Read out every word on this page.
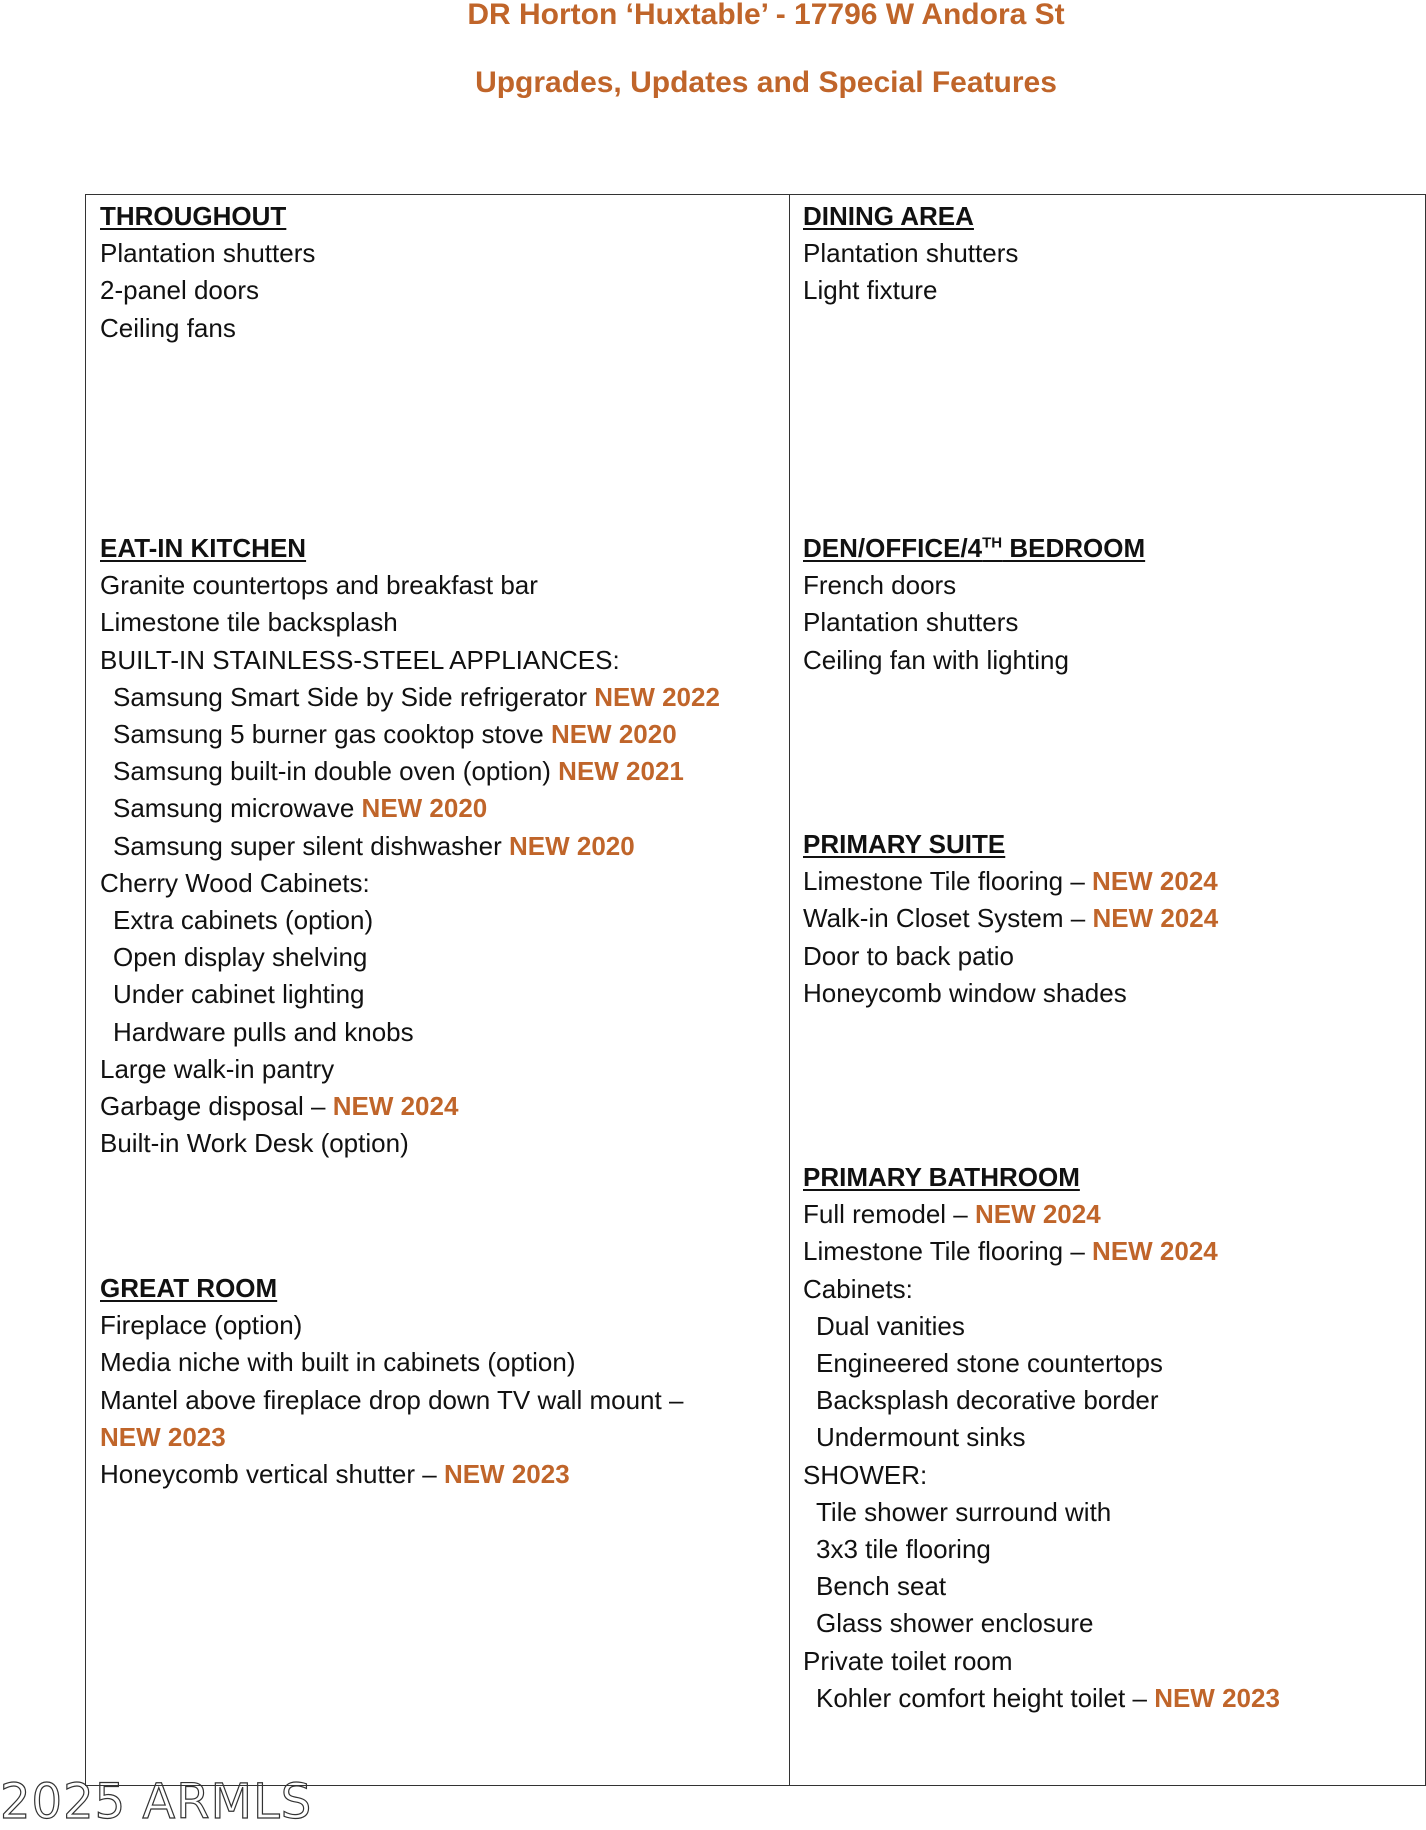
DR Horton ‘Huxtable’ - 17796 W Andora St
Upgrades, Updates and Special Features
THROUGHOUT
Plantation shutters
2-panel doors
Ceiling fans
DINING AREA
Plantation shutters
Light fixture
EAT-IN KITCHEN
Granite countertops and breakfast bar
Limestone tile backsplash
BUILT-IN STAINLESS-STEEL APPLIANCES:
Samsung Smart Side by Side refrigerator NEW 2022
Samsung 5 burner gas cooktop stove NEW 2020
Samsung built-in double oven (option) NEW 2021
Samsung microwave NEW 2020
Samsung super silent dishwasher NEW 2020
Cherry Wood Cabinets:
Extra cabinets (option)
Open display shelving
Under cabinet lighting
Hardware pulls and knobs
Large walk-in pantry
Garbage disposal – NEW 2024
Built-in Work Desk (option)
DEN/OFFICE/4TH BEDROOM
French doors
Plantation shutters
Ceiling fan with lighting
PRIMARY SUITE
Limestone Tile flooring – NEW 2024
Walk-in Closet System – NEW 2024
Door to back patio
Honeycomb window shades
GREAT ROOM
Fireplace (option)
Media niche with built in cabinets (option)
Mantel above fireplace drop down TV wall mount –
NEW 2023
Honeycomb vertical shutter – NEW 2023
PRIMARY BATHROOM
Full remodel – NEW 2024
Limestone Tile flooring – NEW 2024
Cabinets:
Dual vanities
Engineered stone countertops
Backsplash decorative border
Undermount sinks
SHOWER:
Tile shower surround with
3x3 tile flooring
Bench seat
Glass shower enclosure
Private toilet room
Kohler comfort height toilet – NEW 2023
2025 ARMLS
